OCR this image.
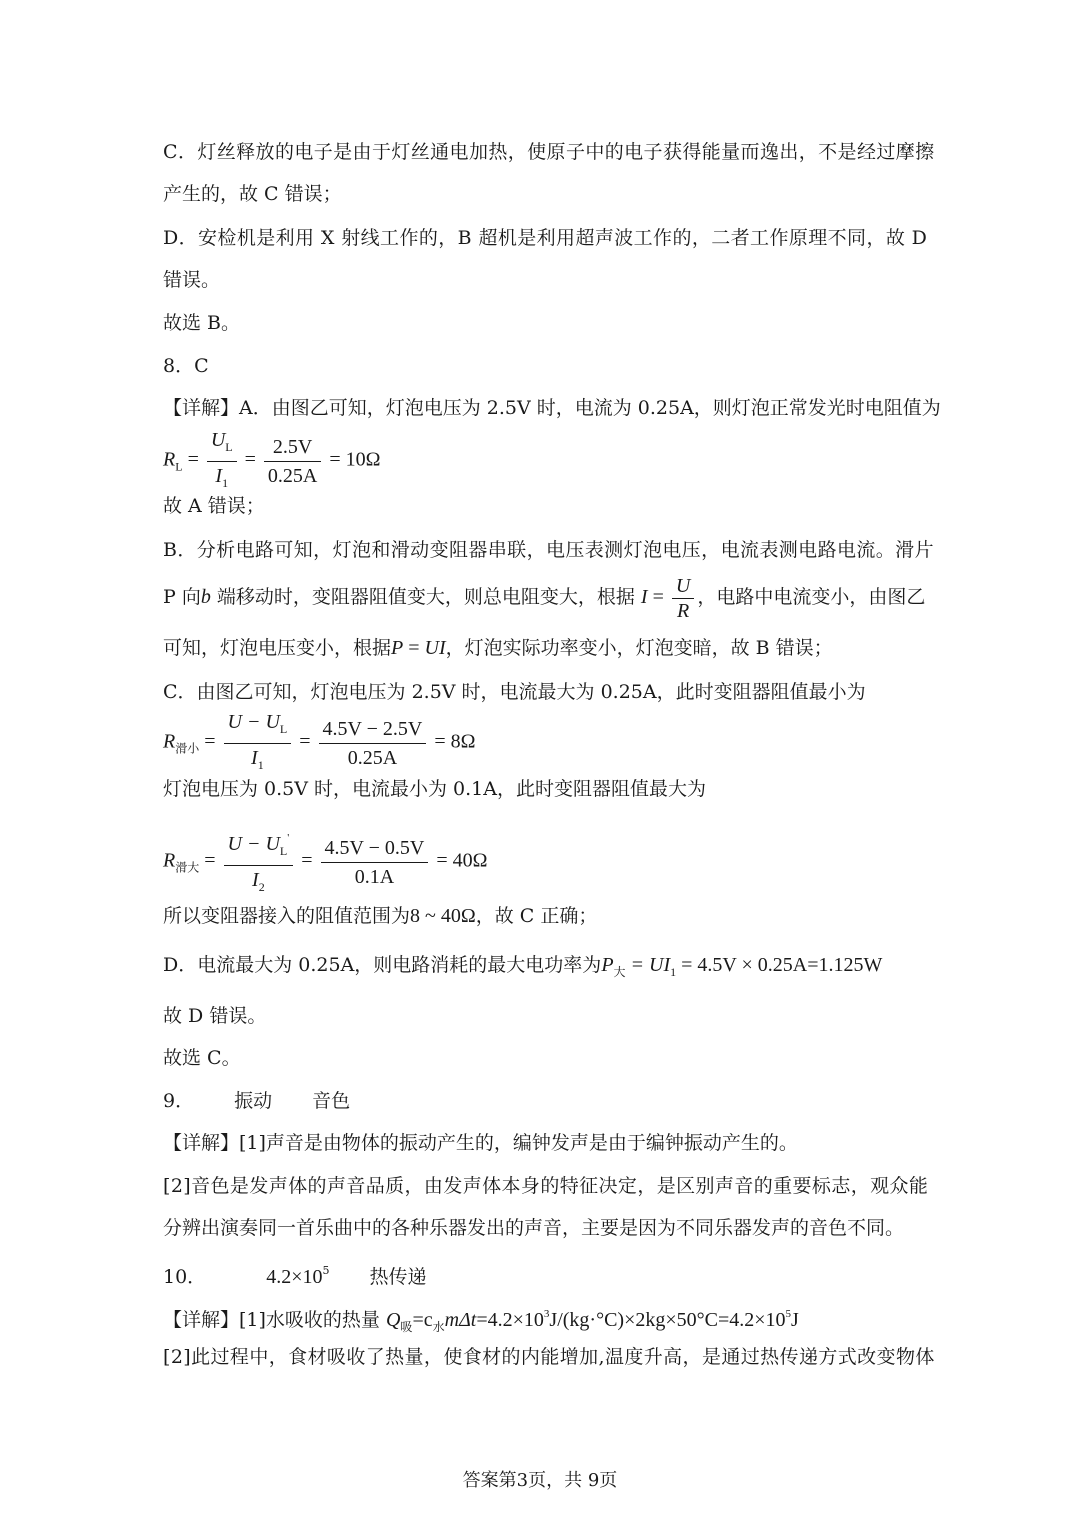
C．灯丝释放的电子是由于灯丝通电加热，使原子中的电子获得能量而逸出，不是经过摩擦
产生的，故 C 错误；
D．安检机是利用 X 射线工作的，B 超机是利用超声波工作的，二者工作原理不同，故 D
错误。
故选 B。
8．C
【详解】A．由图乙可知，灯泡电压为 2.5V 时，电流为 0.25A，则灯泡正常发光时电阻值为
$R_L = \frac{U_L}{I_1} = \frac{2.5V}{0.25A} = 10\Omega$
故 A 错误；
B．分析电路可知，灯泡和滑动变阻器串联，电压表测灯泡电压，电流表测电路电流。滑片
P 向b 端移动时，变阻器阻值变大，则总电阻变大，根据 $I = \frac{U}{R}$ ，电路中电流变小，由图乙
可知，灯泡电压变小，根据P = UI，灯泡实际功率变小，灯泡变暗，故 B 错误；
C．由图乙可知，灯泡电压为 2.5V 时，电流最大为 0.25A，此时变阻器阻值最小为
$R_{滑小} = \frac{U - U_L}{I_1} = \frac{4.5V - 2.5V}{0.25A} = 8\Omega$
灯泡电压为 0.5V 时，电流最小为 0.1A，此时变阻器阻值最大为
$R_{滑大} = \frac{U - U_L'}{I_2} = \frac{4.5V - 0.5V}{0.1A} = 40\Omega$
所以变阻器接入的阻值范围为8 ~ 40Ω，故 C 正确；
D．电流最大为 0.25A，则电路消耗的最大电功率为$P_大 = UI_1 = 4.5V \times 0.25A=1.125W$
故 D 错误。
故选 C。
9． 振动 音色
【详解】[1]声音是由物体的振动产生的，编钟发声是由于编钟振动产生的。
[2]音色是发声体的声音品质，由发声体本身的特征决定，是区别声音的重要标志，观众能
分辨出演奏同一首乐曲中的各种乐器发出的声音，主要是因为不同乐器发声的音色不同。
10．	$4.2\times 10^5$ 热传递
【详解】[1]水吸收的热量 $Q_吸=c_水m\Delta t=4.2\times 10^3J/(kg\cdot^\circ C)\times 2kg\times 50^\circ C=4.2\times 10^5J$
[2]此过程中，食材吸收了热量，使食材的内能增加,温度升高，是通过热传递方式改变物体
答案第3页，共 9页
